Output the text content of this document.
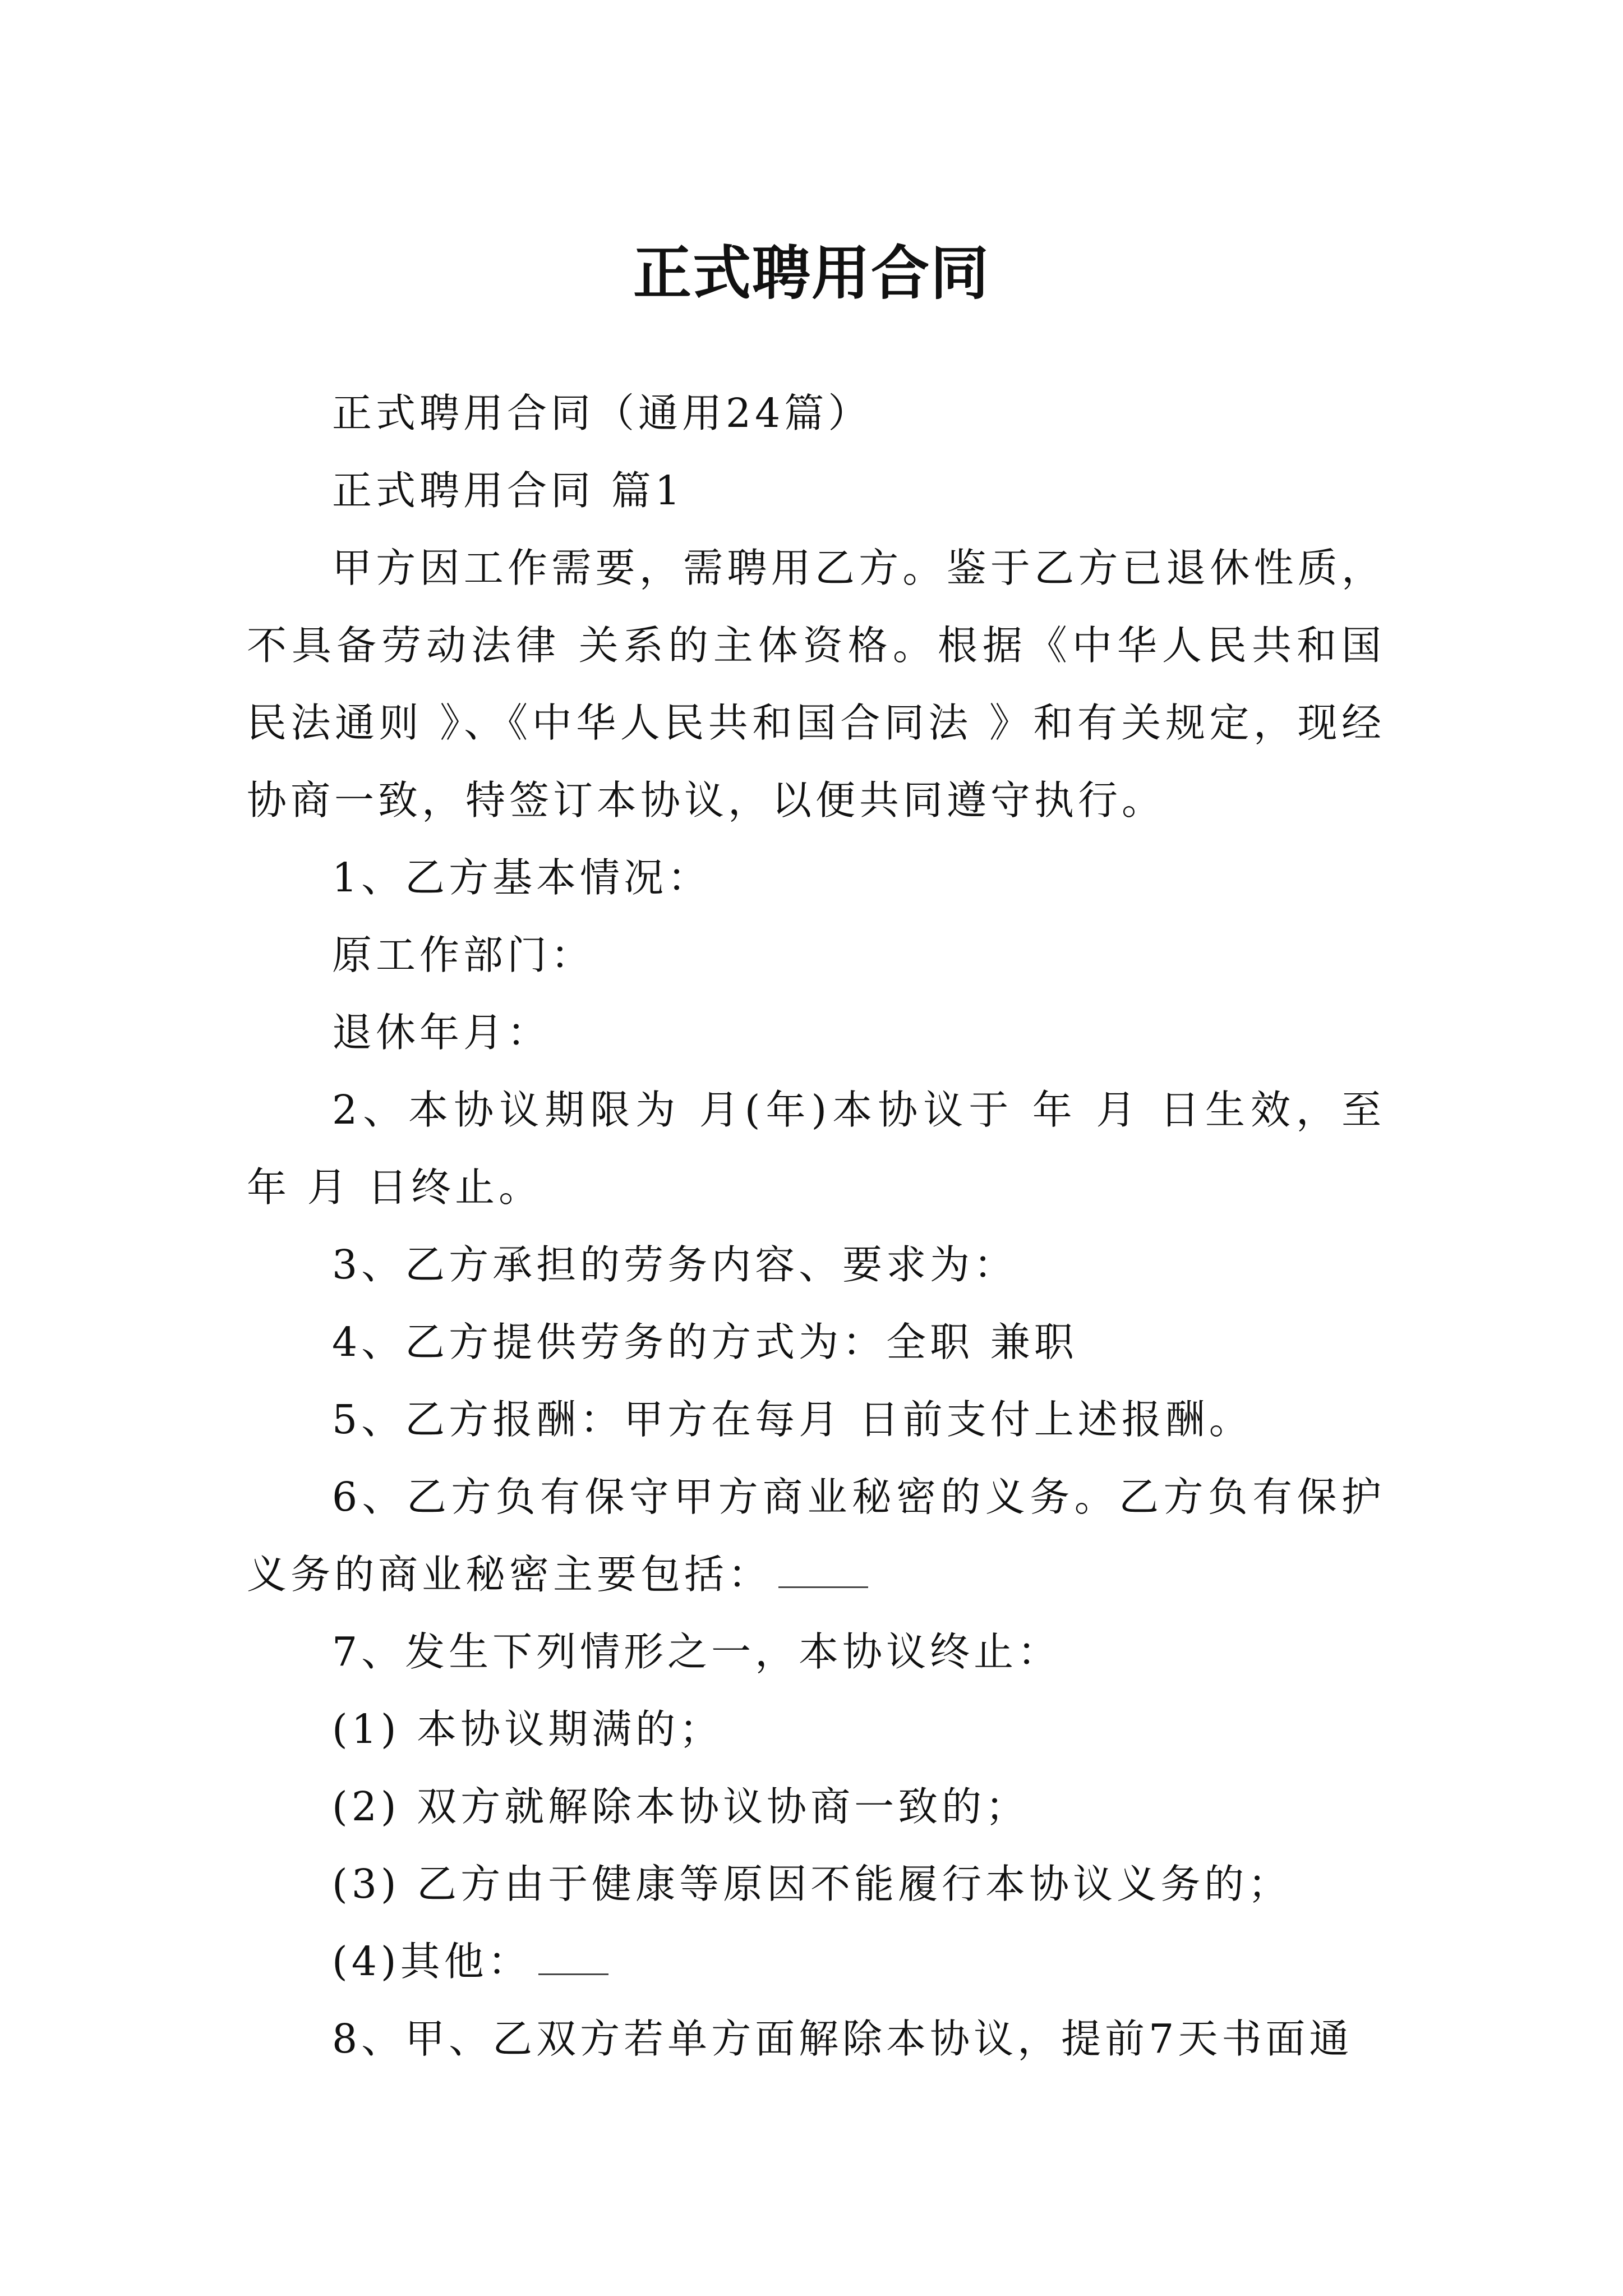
正式聘用合同

正式聘用合同（通用24篇）

正式聘用合同 篇1

甲方因工作需要，需聘用乙方。鉴于乙方已退休性质，不具备劳动法律 关系的主体资格。根据《中华人民共和国民法通则 》、《中华人民共和国合同法 》和有关规定，现经协商一致，特签订本协议，以便共同遵守执行。

1、乙方基本情况：

原工作部门：

退休年月：

2、本协议期限为 月(年)本协议于 年 月 日生效，至 年 月 日终止。

3、乙方承担的劳务内容、要求为：

4、乙方提供劳务的方式为：全职 兼职

5、乙方报酬：甲方在每月 日前支付上述报酬。

6、乙方负有保守甲方商业秘密的义务。乙方负有保护义务的商业秘密主要包括：

7、发生下列情形之一，本协议终止：

(1) 本协议期满的；

(2) 双方就解除本协议协商一致的；

(3) 乙方由于健康等原因不能履行本协议义务的；

(4)其他：

8、甲、乙双方若单方面解除本协议，提前7天书面通
